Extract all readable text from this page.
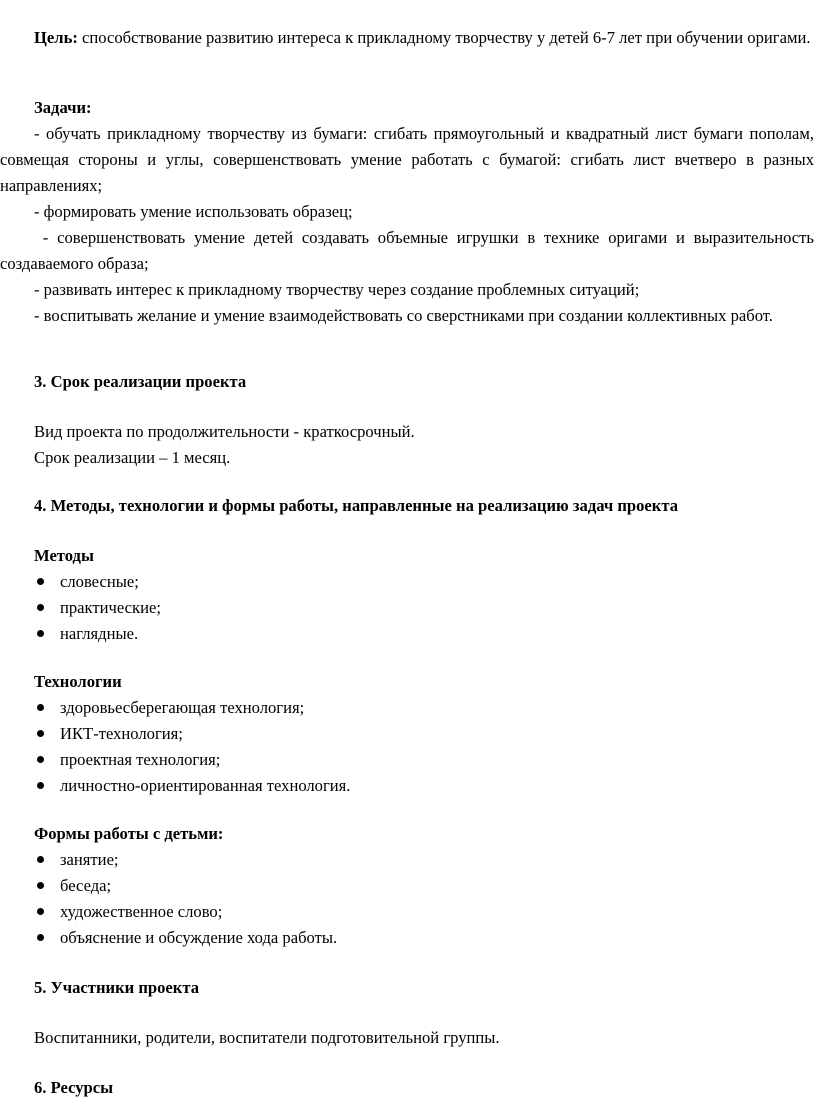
Цель: способствование развитию интереса к прикладному творчеству у детей 6-7 лет при обучении оригами.

Задачи:

- обучать прикладному творчеству из бумаги: сгибать прямоугольный и квадратный лист бумаги пополам, совмещая стороны и углы, совершенствовать умение работать с бумагой: сгибать лист вчетверо в разных направлениях;

- формировать умение использовать образец;

- совершенствовать умение детей создавать объемные игрушки в технике оригами и выразительность создаваемого образа;

- развивать интерес к прикладному творчеству через создание проблемных ситуаций;

- воспитывать желание и умение взаимодействовать со сверстниками при создании коллективных работ.

3. Срок реализации проекта

Вид проекта по продолжительности - краткосрочный.

Срок реализации – 1 месяц.

4. Методы, технологии и формы работы, направленные на реализацию задач проекта

Методы

словесные;
практические;
наглядные.

Технологии

здоровьесберегающая технология;
ИКТ-технология;
проектная технология;
личностно-ориентированная технология.

Формы работы с детьми:

занятие;
беседа;
художественное слово;
объяснение и обсуждение хода работы.

5. Участники проекта

Воспитанники, родители, воспитатели подготовительной группы.

6. Ресурсы
